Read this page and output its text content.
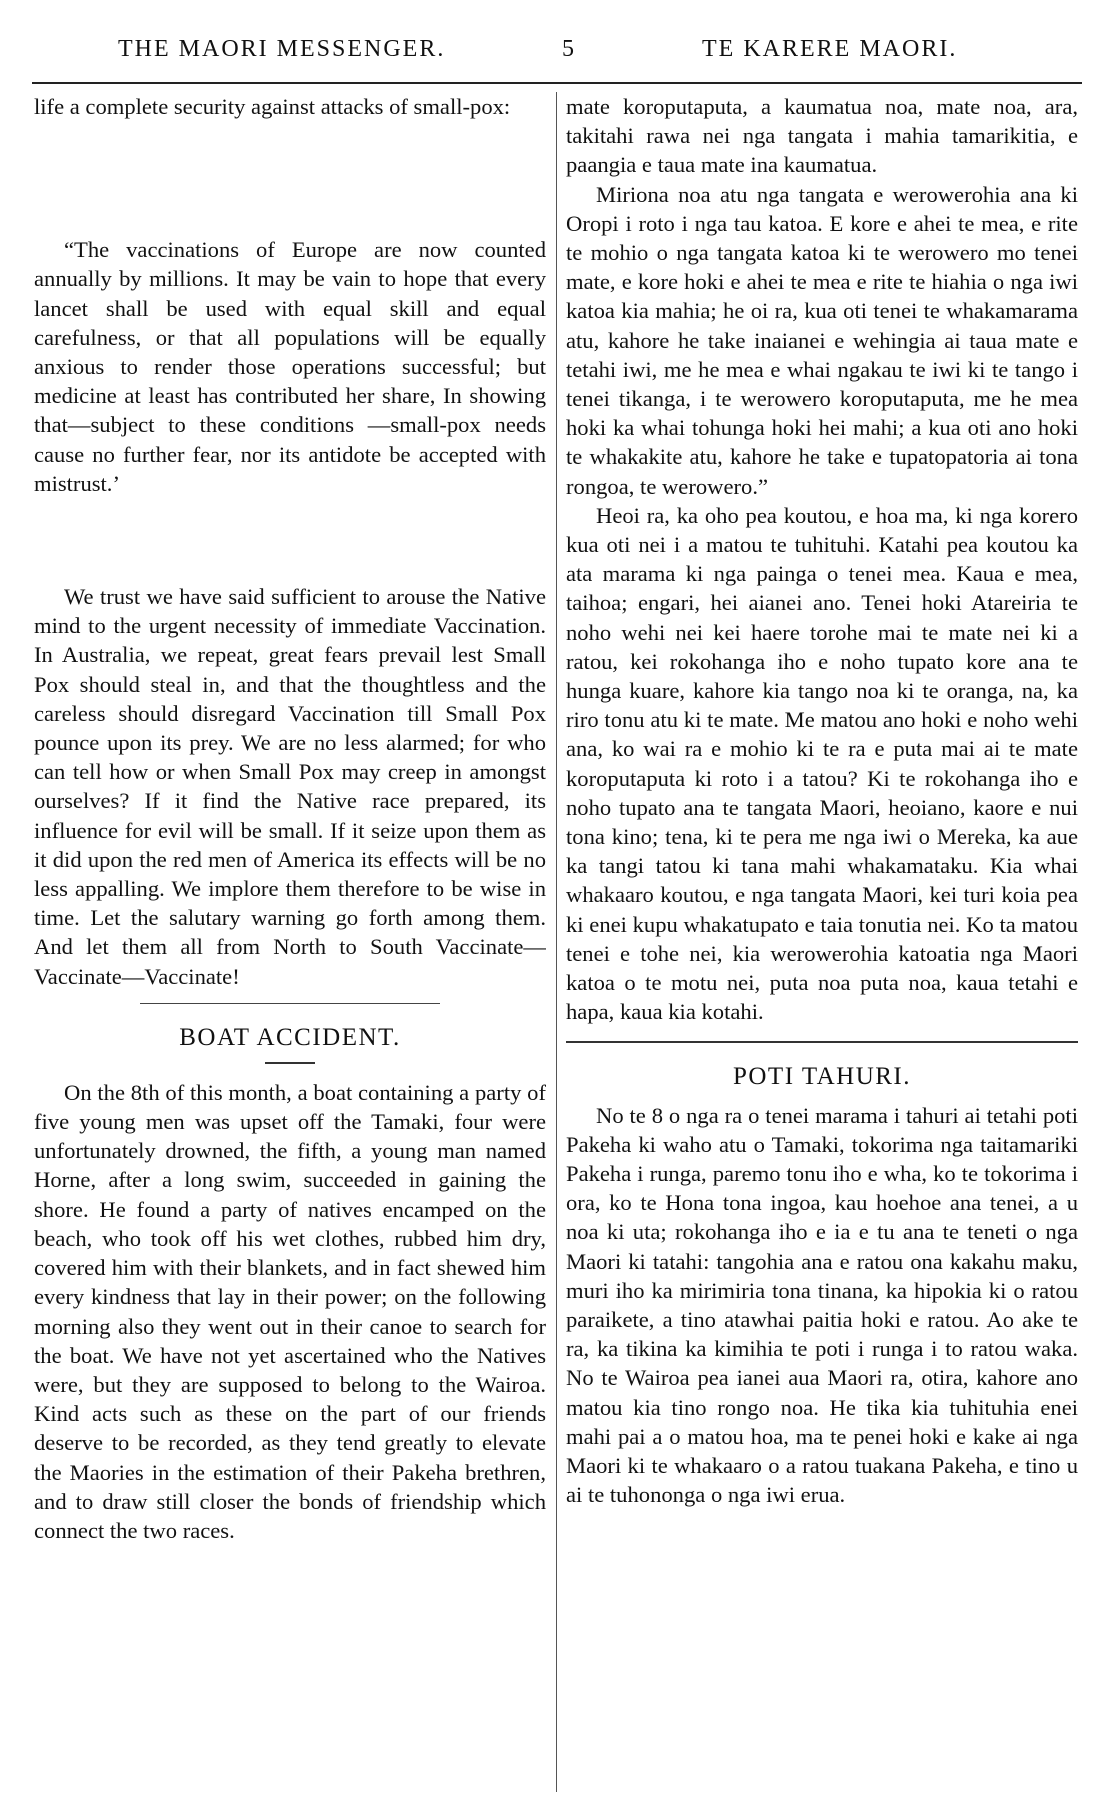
THE MAORI MESSENGER.	5	TE KARERE MAORI.

life a complete security against attacks of small-pox:

“The vaccinations of Europe are now counted annually by millions. It may be vain to hope that every lancet shall be used with equal skill and equal carefulness, or that all populations will be equally anxious to render those operations successful; but medicine at least has contributed her share, In showing that—subject to these conditions —small-pox needs cause no further fear, nor its antidote be accepted with mistrust.’

We trust we have said sufficient to arouse the Native mind to the urgent necessity of immediate Vaccination. In Australia, we repeat, great fears prevail lest Small Pox should steal in, and that the thoughtless and the careless should disregard Vaccination till Small Pox pounce upon its prey. We are no less alarmed; for who can tell how or when Small Pox may creep in amongst ourselves? If it find the Native race prepared, its influence for evil will be small. If it seize upon them as it did upon the red men of America its effects will be no less appalling. We implore them therefore to be wise in time. Let the salutary warning go forth among them. And let them all from North to South Vaccinate—Vaccinate—Vaccinate!

BOAT ACCIDENT.

On the 8th of this month, a boat containing a party of five young men was upset off the Tamaki, four were unfortunately drowned, the fifth, a young man named Horne, after a long swim, succeeded in gaining the shore. He found a party of natives encamped on the beach, who took off his wet clothes, rubbed him dry, covered him with their blankets, and in fact shewed him every kindness that lay in their power; on the following morning also they went out in their canoe to search for the boat. We have not yet ascertained who the Natives were, but they are supposed to belong to the Wairoa. Kind acts such as these on the part of our friends deserve to be recorded, as they tend greatly to elevate the Maories in the estimation of their Pakeha brethren, and to draw still closer the bonds of friendship which connect the two races.

mate koroputaputa, a kaumatua noa, mate noa, ara, takitahi rawa nei nga tangata i mahia tamarikitia, e paangia e taua mate ina kaumatua.

Miriona noa atu nga tangata e werowerohia ana ki Oropi i roto i nga tau katoa. E kore e ahei te mea, e rite te mohio o nga tangata katoa ki te werowero mo tenei mate, e kore hoki e ahei te mea e rite te hiahia o nga iwi katoa kia mahia; he oi ra, kua oti tenei te whakamarama atu, kahore he take inaianei e wehingia ai taua mate e tetahi iwi, me he mea e whai ngakau te iwi ki te tango i tenei tikanga, i te werowero koroputaputa, me he mea hoki ka whai tohunga hoki hei mahi; a kua oti ano hoki te whakakite atu, kahore he take e tupatopatoria ai tona rongoa, te werowero.”

Heoi ra, ka oho pea koutou, e hoa ma, ki nga korero kua oti nei i a matou te tuhituhi. Katahi pea koutou ka ata marama ki nga painga o tenei mea. Kaua e mea, taihoa; engari, hei aianei ano. Tenei hoki Atareiria te noho wehi nei kei haere torohe mai te mate nei ki a ratou, kei rokohanga iho e noho tupato kore ana te hunga kuare, kahore kia tango noa ki te oranga, na, ka riro tonu atu ki te mate. Me matou ano hoki e noho wehi ana, ko wai ra e mohio ki te ra e puta mai ai te mate koroputaputa ki roto i a tatou? Ki te rokohanga iho e noho tupato ana te tangata Maori, heoiano, kaore e nui tona kino; tena, ki te pera me nga iwi o Mereka, ka aue ka tangi tatou ki tana mahi whakamataku. Kia whai whakaaro koutou, e nga tangata Maori, kei turi koia pea ki enei kupu whakatupato e taia tonutia nei. Ko ta matou tenei e tohe nei, kia werowerohia katoatia nga Maori katoa o te motu nei, puta noa puta noa, kaua tetahi e hapa, kaua kia kotahi.

POTI TAHURI.

No te 8 o nga ra o tenei marama i tahuri ai tetahi poti Pakeha ki waho atu o Tamaki, tokorima nga taitamariki Pakeha i runga, paremo tonu iho e wha, ko te tokorima i ora, ko te Hona tona ingoa, kau hoehoe ana tenei, a u noa ki uta; rokohanga iho e ia e tu ana te teneti o nga Maori ki tatahi: tangohia ana e ratou ona kakahu maku, muri iho ka mirimiria tona tinana, ka hipokia ki o ratou paraikete, a tino atawhai paitia hoki e ratou. Ao ake te ra, ka tikina ka kimihia te poti i runga i to ratou waka. No te Wairoa pea ianei aua Maori ra, otira, kahore ano matou kia tino rongo noa. He tika kia tuhituhia enei mahi pai a o matou hoa, ma te penei hoki e kake ai nga Maori ki te whakaaro o a ratou tuakana Pakeha, e tino u ai te tuhononga o nga iwi erua.
